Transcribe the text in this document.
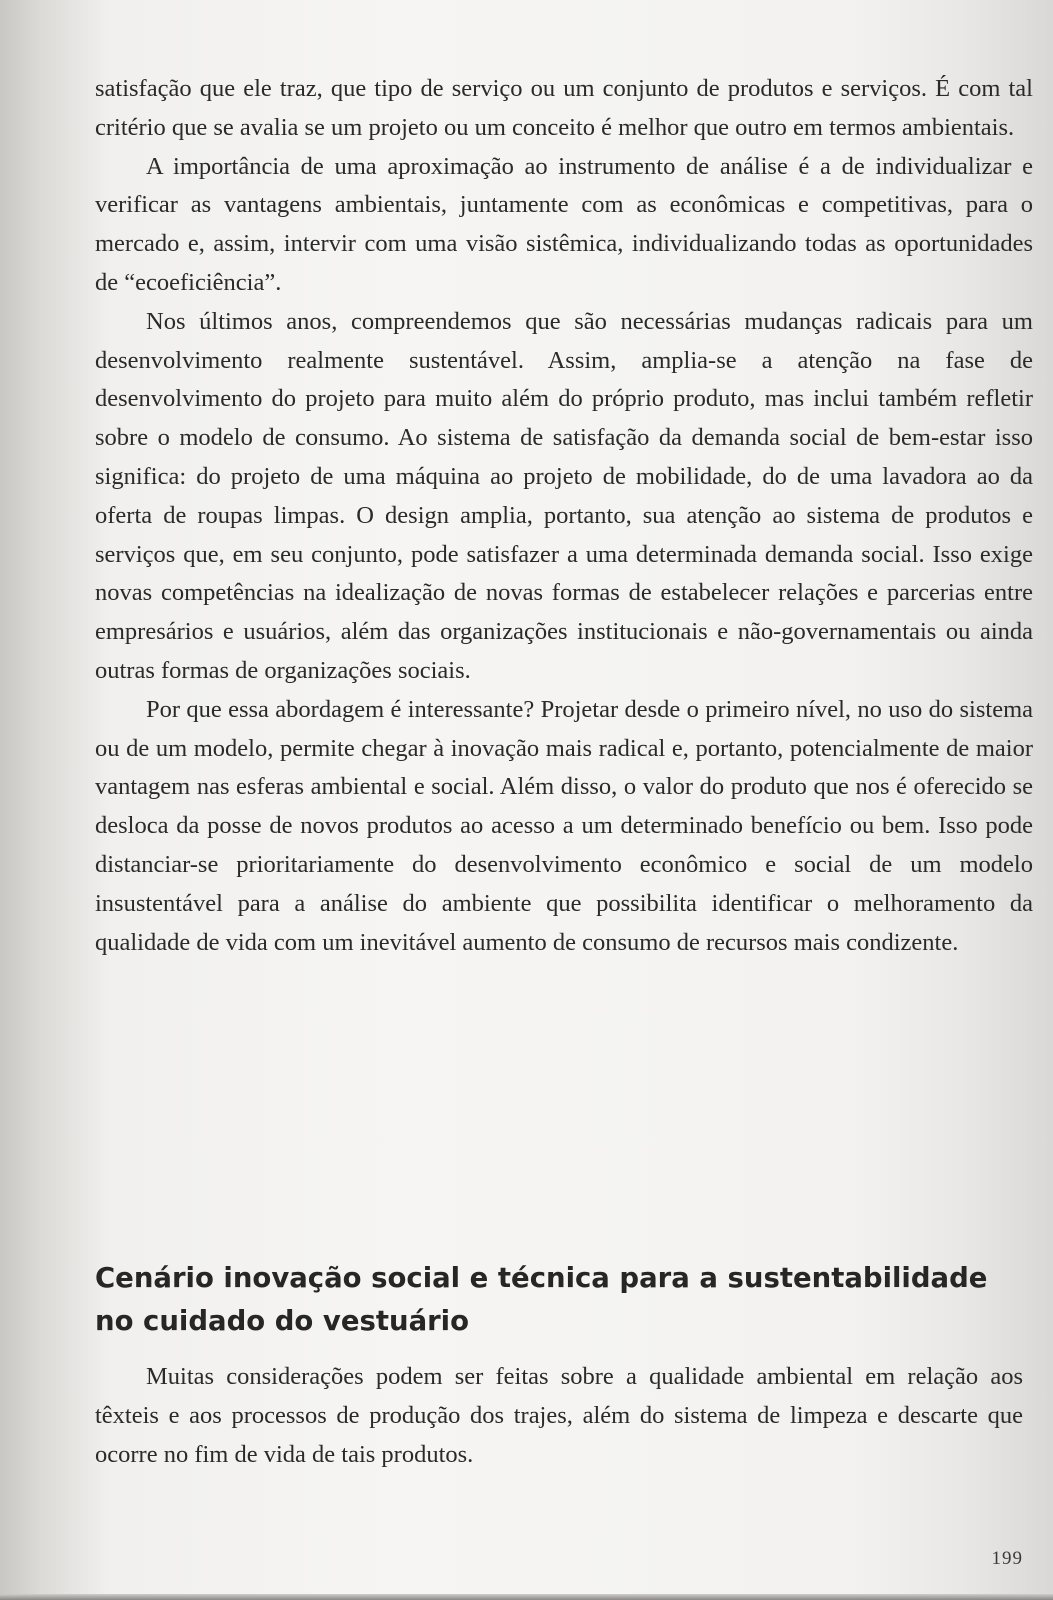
satisfação que ele traz, que tipo de serviço ou um conjunto de produtos e serviços. É com tal critério que se avalia se um projeto ou um conceito é melhor que outro em termos ambientais.

A importância de uma aproximação ao instrumento de análise é a de individualizar e verificar as vantagens ambientais, juntamente com as econômicas e competitivas, para o mercado e, assim, intervir com uma visão sistêmica, individualizando todas as oportunidades de “ecoeficiência”.

Nos últimos anos, compreendemos que são necessárias mudanças radicais para um desenvolvimento realmente sustentável. Assim, amplia-se a atenção na fase de desenvolvimento do projeto para muito além do próprio produto, mas inclui também refletir sobre o modelo de consumo. Ao sistema de satisfação da demanda social de bem-estar isso significa: do projeto de uma máquina ao projeto de mobilidade, do de uma lavadora ao da oferta de roupas limpas. O design amplia, portanto, sua atenção ao sistema de produtos e serviços que, em seu conjunto, pode satisfazer a uma determinada demanda social. Isso exige novas competências na idealização de novas formas de estabelecer relações e parcerias entre empresários e usuários, além das organizações institucionais e não-governamentais ou ainda outras formas de organizações sociais.

Por que essa abordagem é interessante? Projetar desde o primeiro nível, no uso do sistema ou de um modelo, permite chegar à inovação mais radical e, portanto, potencialmente de maior vantagem nas esferas ambiental e social. Além disso, o valor do produto que nos é oferecido se desloca da posse de novos produtos ao acesso a um determinado benefício ou bem. Isso pode distanciar-se prioritariamente do desenvolvimento econômico e social de um modelo insustentável para a análise do ambiente que possibilita identificar o melhoramento da qualidade de vida com um inevitável aumento de consumo de recursos mais condizente.

Cenário inovação social e técnica para a sustentabilidade no cuidado do vestuário

Muitas considerações podem ser feitas sobre a qualidade ambiental em relação aos têxteis e aos processos de produção dos trajes, além do sistema de limpeza e descarte que ocorre no fim de vida de tais produtos.

199
